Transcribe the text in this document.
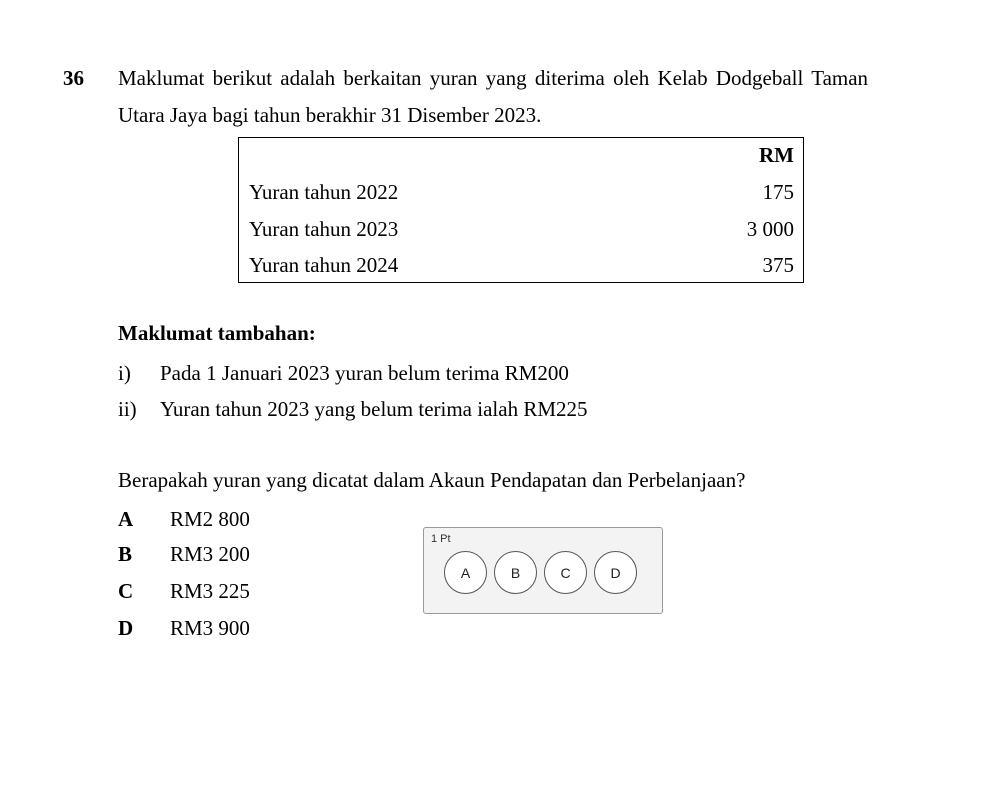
36 Maklumat berikut adalah berkaitan yuran yang diterima oleh Kelab Dodgeball Taman
Utara Jaya bagi tahun berakhir 31 Disember 2023.
RM
Yuran tahun 2022	175
Yuran tahun 2023	3 000
Yuran tahun 2024	375
Maklumat tambahan:
i) Pada 1 Januari 2023 yuran belum terima RM200
ii) Yuran tahun 2023 yang belum terima ialah RM225
Berapakah yuran yang dicatat dalam Akaun Pendapatan dan Perbelanjaan?
A RM2 800
B RM3 200
C RM3 225
D RM3 900
1 Pt
A	B	C	D
